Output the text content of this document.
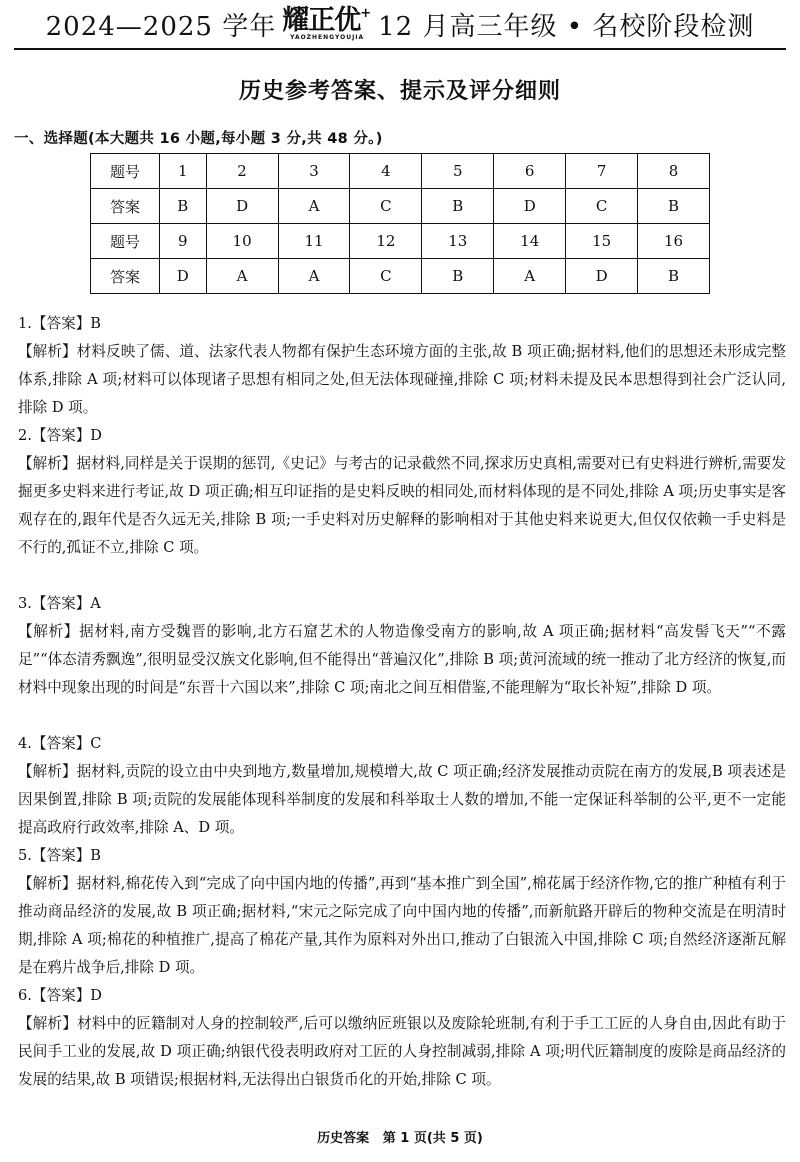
2024—2025 学年 耀正优+
YAOZHENGYOUJIA 12 月高三年级 • 名校阶段检测
历史参考答案、提示及评分细则
一、选择题(本大题共 16 小题,每小题 3 分,共 48 分。)
题号	1	2	3	4	5	6	7	8
答案	B	D	A	C	B	D	C	B
题号	9	10	11	12	13	14	15	16
答案	D	A	A	C	B	A	D	B
1.【答案】B
【解析】材料反映了儒、道、法家代表人物都有保护生态环境方面的主张,故 B 项正确;据材料,他们的思想还未形成完整体系,排除 A 项;材料可以体现诸子思想有相同之处,但无法体现碰撞,排除 C 项;材料未提及民本思想得到社会广泛认同,排除 D 项。
2.【答案】D
【解析】据材料,同样是关于误期的惩罚,《史记》与考古的记录截然不同,探求历史真相,需要对已有史料进行辨析,需要发掘更多史料来进行考证,故 D 项正确;相互印证指的是史料反映的相同处,而材料体现的是不同处,排除 A 项;历史事实是客观存在的,跟年代是否久远无关,排除 B 项;一手史料对历史解释的影响相对于其他史料来说更大,但仅仅依赖一手史料是不行的,孤证不立,排除 C 项。
3.【答案】A
【解析】据材料,南方受魏晋的影响,北方石窟艺术的人物造像受南方的影响,故 A 项正确;据材料“高发髻飞天”“不露足”“体态清秀飘逸”,很明显受汉族文化影响,但不能得出“普遍汉化”,排除 B 项;黄河流域的统一推动了北方经济的恢复,而材料中现象出现的时间是“东晋十六国以来”,排除 C 项;南北之间互相借鉴,不能理解为“取长补短”,排除 D 项。
4.【答案】C
【解析】据材料,贡院的设立由中央到地方,数量增加,规模增大,故 C 项正确;经济发展推动贡院在南方的发展,B 项表述是因果倒置,排除 B 项;贡院的发展能体现科举制度的发展和科举取士人数的增加,不能一定保证科举制的公平,更不一定能提高政府行政效率,排除 A、D 项。
5.【答案】B
【解析】据材料,棉花传入到“完成了向中国内地的传播”,再到“基本推广到全国”,棉花属于经济作物,它的推广种植有利于推动商品经济的发展,故 B 项正确;据材料,“宋元之际完成了向中国内地的传播”,而新航路开辟后的物种交流是在明清时期,排除 A 项;棉花的种植推广,提高了棉花产量,其作为原料对外出口,推动了白银流入中国,排除 C 项;自然经济逐渐瓦解是在鸦片战争后,排除 D 项。
6.【答案】D
【解析】材料中的匠籍制对人身的控制较严,后可以缴纳匠班银以及废除轮班制,有利于手工工匠的人身自由,因此有助于民间手工业的发展,故 D 项正确;纳银代役表明政府对工匠的人身控制减弱,排除 A 项;明代匠籍制度的废除是商品经济的发展的结果,故 B 项错误;根据材料,无法得出白银货币化的开始,排除 C 项。
历史答案   第 1 页(共 5 页)
